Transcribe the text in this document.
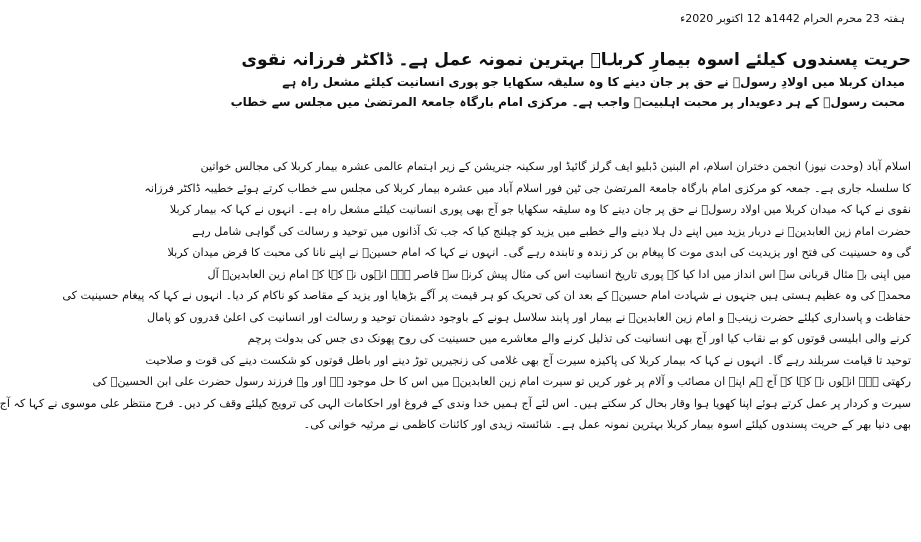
ہفتہ 23 محرم الحرام 1442ھ 12 اکتوبر 2020ء
حریت پسندوں کیلئے اسوہ بیمارِ کربلاؑ بہترین نمونہ عمل ہے۔ ڈاکٹر فرزانہ نقوی
میدان کربلا میں اولادِ رسولؐ نے حق پر جان دینے کا وہ سلیقہ سکھایا جو پوری انسانیت کیلئے مشعل راہ ہے
محبت رسولؐ کے ہر دعویدار پر محبت اہلبیتؑ واجب ہے۔ مرکزی امام بارگاہ جامعۃ المرتضیٰ میں مجلس سے خطاب
اسلام آباد (وحدت نیوز) انجمن دختران اسلام، ام البنین ڈبلیو ایف گرلز گائیڈ اور سکینہ جنریشن کے زیر اہتمام عالمی عشرہ بیمار کربلا کی مجالس خواتین
کا سلسلہ جاری ہے۔ جمعہ کو مرکزی امام بارگاہ جامعۃ المرتضیٰ جی ٹین فور اسلام آباد میں عشرہ بیمار کربلا کی مجلس سے خطاب کرتے ہوئے خطیبہ ڈاکٹر فرزانہ
نقوی نے کہا کہ میدان کربلا میں اولاد رسولؐ نے حق پر جان دینے کا وہ سلیقہ سکھایا جو آج بھی پوری انسانیت کیلئے مشعل راہ ہے۔ انہوں نے کہا کہ بیمار کربلا
حضرت امام زین العابدینؑ نے دربار یزید میں اپنے دل ہلا دینے والے خطبے میں یزید کو چیلنج کیا کہ جب تک آذانوں میں توحید و رسالت کی گواہی شامل رہے
گی وہ حسینیت کی فتح اور یزیدیت کی ابدی موت کا پیغام بن کر زندہ و تابندہ رہے گی۔ انہوں نے کہا کہ امام حسینؑ نے اپنے نانا کی محبت کا قرض میدان کربلا
میں اپنی بے مثال قربانی سے اس انداز میں ادا کیا کہ پوری تاریخ انسانیت اس کی مثال پیش کرنے سے قاصر ہے۔ انہوں نے کہا کہ امام زین العابدینؑ آل
محمدؐ کی وہ عظیم ہستی ہیں جنہوں نے شہادت امام حسینؑ کے بعد ان کی تحریک کو ہر قیمت پر آگے بڑھایا اور یزید کے مقاصد کو ناکام کر دیا۔ انہوں نے کہا کہ پیغام حسینیت کی
حفاظت و پاسداری کیلئے حضرت زینبؑ و امام زین العابدینؑ نے بیمار اور پابند سلاسل ہونے کے باوجود دشمنان توحید و رسالت اور انسانیت کی اعلیٰ قدروں کو پامال
کرنے والی ابلیسی قوتوں کو بے نقاب کیا اور آج بھی انسانیت کی تذلیل کرنے والے معاشرے میں حسینیت کی روح پھونک دی جس کی بدولت پرچم
توحید تا قیامت سربلند رہے گا۔ انہوں نے کہا کہ بیمار کربلا کی پاکیزہ سیرت آج بھی غلامی کی زنجیریں توڑ دینے اور باطل قوتوں کو شکست دینے کی قوت و صلاحیت
رکھتی ہے۔ انہوں نے کہا کہ آج ہم اپنے ان مصائب و آلام پر غور کریں تو سیرت امام زین العابدینؑ میں اس کا حل موجود ہے اور وہ فرزند رسول حضرت علی ابن الحسینؑ کی
سیرت و کردار پر عمل کرتے ہوئے اپنا کھویا ہوا وقار بحال کر سکتے ہیں۔ اس لئے آج ہمیں خدا وندی کے فروغ اور احکامات الہی کی ترویج کیلئے وقف کر دیں۔ فرح منتظر علی موسوی نے کہا کہ آج
بھی دنیا بھر کے حریت پسندوں کیلئے اسوہ بیمار کربلا بہترین نمونہ عمل ہے۔ شائستہ زیدی اور کائنات کاظمی نے مرثیہ خوانی کی۔
